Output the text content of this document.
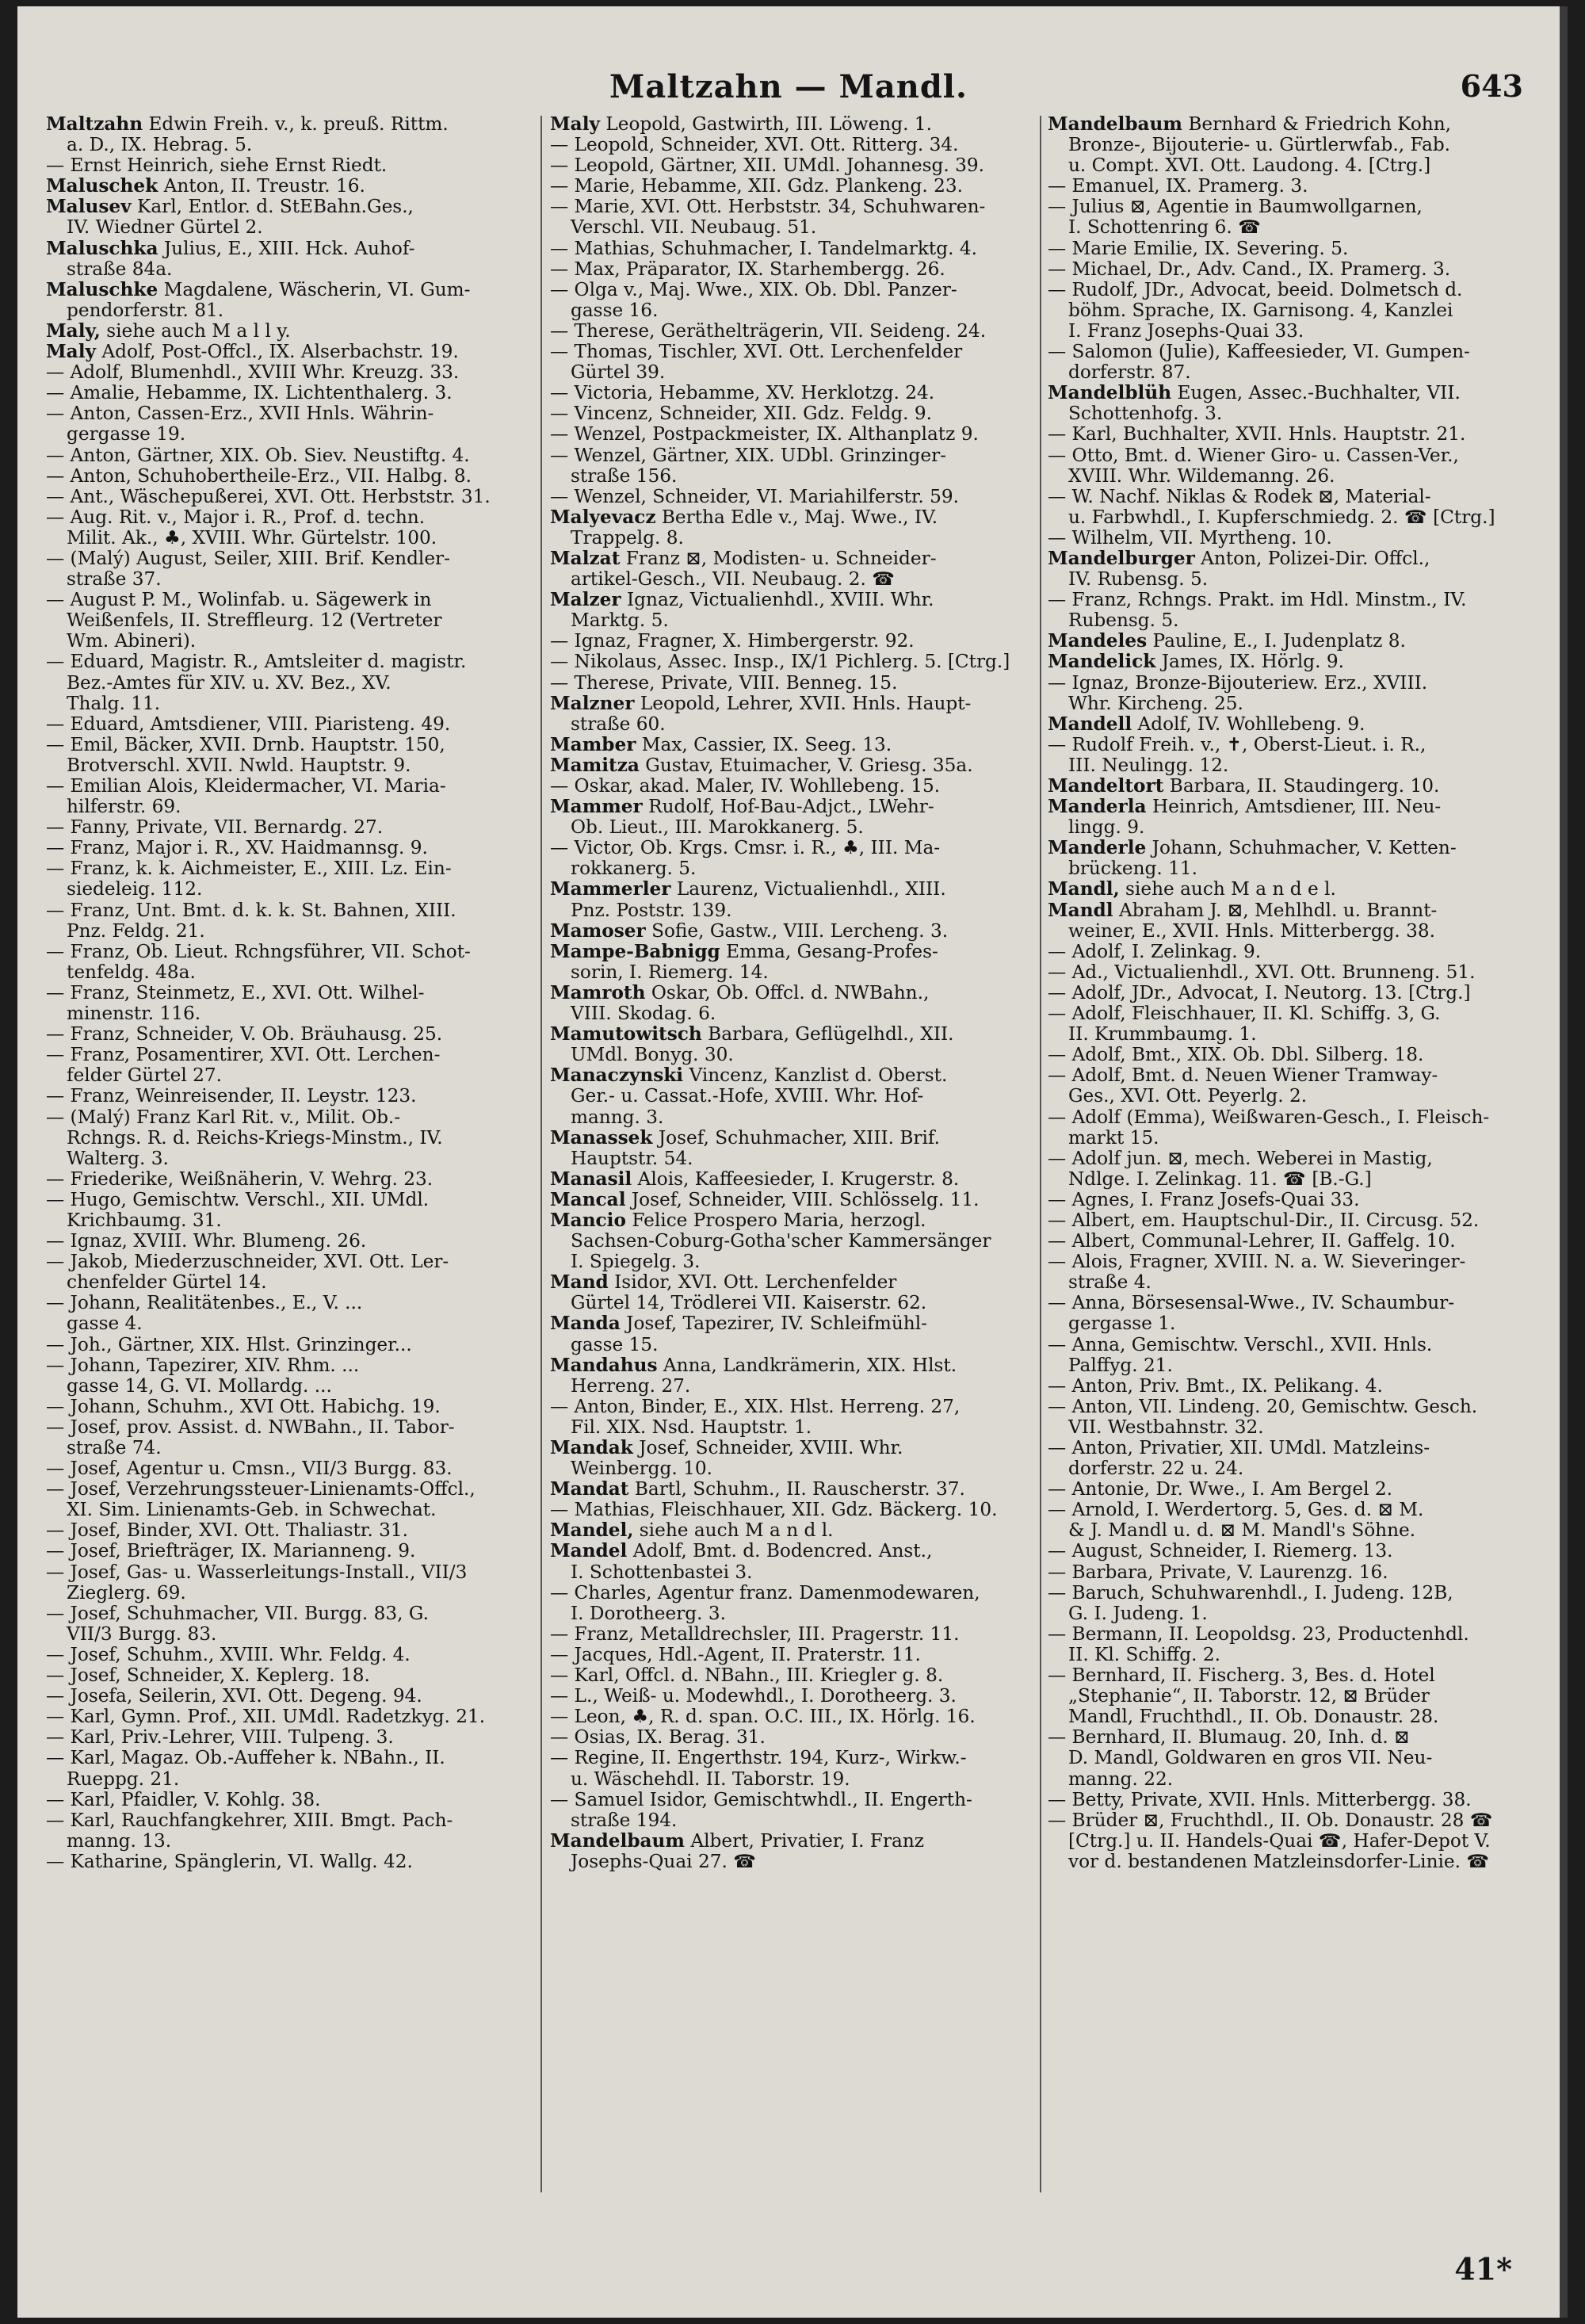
Maltzahn — Mandl.	643
Maltzahn Edwin Freih. v., k. preuß. Rittm.
a. D., IX. Hebrag. 5.
— Ernst Heinrich, siehe Ernst Riedt.
Maluschek Anton, II. Treustr. 16.
Malusev Karl, Entlor. d. StEBahn.Ges.,
IV. Wiedner Gürtel 2.
Maluschka Julius, E., XIII. Hck. Auhof-
straße 84a.
Maluschke Magdalene, Wäscherin, VI. Gum-
pendorferstr. 81.
Maly, siehe auch M a l l y.
Maly Adolf, Post-Offcl., IX. Alserbachstr. 19.
— Adolf, Blumenhdl., XVIII Whr. Kreuzg. 33.
— Amalie, Hebamme, IX. Lichtenthalerg. 3.
— Anton, Cassen-Erz., XVII Hnls. Währin-
gergasse 19.
— Anton, Gärtner, XIX. Ob. Siev. Neustiftg. 4.
— Anton, Schuhobertheile-Erz., VII. Halbg. 8.
— Ant., Wäschepußerei, XVI. Ott. Herbststr. 31.
— Aug. Rit. v., Major i. R., Prof. d. techn.
Milit. Ak., ♣, XVIII. Whr. Gürtelstr. 100.
— (Malý) August, Seiler, XIII. Brif. Kendler-
straße 37.
— August P. M., Wolinfab. u. Sägewerk in
Weißenfels, II. Streffleurg. 12 (Vertreter
Wm. Abineri).
— Eduard, Magistr. R., Amtsleiter d. magistr.
Bez.-Amtes für XIV. u. XV. Bez., XV.
Thalg. 11.
— Eduard, Amtsdiener, VIII. Piaristeng. 49.
— Emil, Bäcker, XVII. Drnb. Hauptstr. 150,
Brotverschl. XVII. Nwld. Hauptstr. 9.
— Emilian Alois, Kleidermacher, VI. Maria-
hilferstr. 69.
— Fanny, Private, VII. Bernardg. 27.
— Franz, Major i. R., XV. Haidmannsg. 9.
— Franz, k. k. Aichmeister, E., XIII. Lz. Ein-
siedeleig. 112.
— Franz, Unt. Bmt. d. k. k. St. Bahnen, XIII.
Pnz. Feldg. 21.
— Franz, Ob. Lieut. Rchngsführer, VII. Schot-
tenfeldg. 48a.
— Franz, Steinmetz, E., XVI. Ott. Wilhel-
minenstr. 116.
— Franz, Schneider, V. Ob. Bräuhausg. 25.
— Franz, Posamentirer, XVI. Ott. Lerchen-
felder Gürtel 27.
— Franz, Weinreisender, II. Leystr. 123.
— (Malý) Franz Karl Rit. v., Milit. Ob.-
Rchngs. R. d. Reichs-Kriegs-Minstm., IV.
Walterg. 3.
— Friederike, Weißnäherin, V. Wehrg. 23.
— Hugo, Gemischtw. Verschl., XII. UMdl.
Krichbaumg. 31.
— Ignaz, XVIII. Whr. Blumeng. 26.
— Jakob, Miederzuschneider, XVI. Ott. Ler-
chenfelder Gürtel 14.
— Johann, Realitätenbes., E., V. ...
gasse 4.
— Joh., Gärtner, XIX. Hlst. Grinzinger...
— Johann, Tapezirer, XIV. Rhm. ...
gasse 14, G. VI. Mollardg. ...
— Johann, Schuhm., XVI Ott. Habichg. 19.
— Josef, prov. Assist. d. NWBahn., II. Tabor-
straße 74.
— Josef, Agentur u. Cmsn., VII/3 Burgg. 83.
— Josef, Verzehrungssteuer-Linienamts-Offcl.,
XI. Sim. Linienamts-Geb. in Schwechat.
— Josef, Binder, XVI. Ott. Thaliastr. 31.
— Josef, Briefträger, IX. Marianneng. 9.
— Josef, Gas- u. Wasserleitungs-Install., VII/3
Zieglerg. 69.
— Josef, Schuhmacher, VII. Burgg. 83, G.
VII/3 Burgg. 83.
— Josef, Schuhm., XVIII. Whr. Feldg. 4.
— Josef, Schneider, X. Keplerg. 18.
— Josefa, Seilerin, XVI. Ott. Degeng. 94.
— Karl, Gymn. Prof., XII. UMdl. Radetzkyg. 21.
— Karl, Priv.-Lehrer, VIII. Tulpeng. 3.
— Karl, Magaz. Ob.-Auffeher k. NBahn., II.
Rueppg. 21.
— Karl, Pfaidler, V. Kohlg. 38.
— Karl, Rauchfangkehrer, XIII. Bmgt. Pach-
manng. 13.
— Katharine, Spänglerin, VI. Wallg. 42.
Maly Leopold, Gastwirth, III. Löweng. 1.
— Leopold, Schneider, XVI. Ott. Ritterg. 34.
— Leopold, Gärtner, XII. UMdl. Johannesg. 39.
— Marie, Hebamme, XII. Gdz. Plankeng. 23.
— Marie, XVI. Ott. Herbststr. 34, Schuhwaren-
Verschl. VII. Neubaug. 51.
— Mathias, Schuhmacher, I. Tandelmarktg. 4.
— Max, Präparator, IX. Starhembergg. 26.
— Olga v., Maj. Wwe., XIX. Ob. Dbl. Panzer-
gasse 16.
— Therese, Geräthelträgerin, VII. Seideng. 24.
— Thomas, Tischler, XVI. Ott. Lerchenfelder
Gürtel 39.
— Victoria, Hebamme, XV. Herklotzg. 24.
— Vincenz, Schneider, XII. Gdz. Feldg. 9.
— Wenzel, Postpackmeister, IX. Althanplatz 9.
— Wenzel, Gärtner, XIX. UDbl. Grinzinger-
straße 156.
— Wenzel, Schneider, VI. Mariahilferstr. 59.
Malyevacz Bertha Edle v., Maj. Wwe., IV.
Trappelg. 8.
Malzat Franz ⊠, Modisten- u. Schneider-
artikel-Gesch., VII. Neubaug. 2. ☎
Malzer Ignaz, Victualienhdl., XVIII. Whr.
Marktg. 5.
— Ignaz, Fragner, X. Himbergerstr. 92.
— Nikolaus, Assec. Insp., IX/1 Pichlerg. 5. [Ctrg.]
— Therese, Private, VIII. Benneg. 15.
Malzner Leopold, Lehrer, XVII. Hnls. Haupt-
straße 60.
Mamber Max, Cassier, IX. Seeg. 13.
Mamitza Gustav, Etuimacher, V. Griesg. 35a.
— Oskar, akad. Maler, IV. Wohllebeng. 15.
Mammer Rudolf, Hof-Bau-Adjct., LWehr-
Ob. Lieut., III. Marokkanerg. 5.
— Victor, Ob. Krgs. Cmsr. i. R., ♣, III. Ma-
rokkanerg. 5.
Mammerler Laurenz, Victualienhdl., XIII.
Pnz. Poststr. 139.
Mamoser Sofie, Gastw., VIII. Lercheng. 3.
Mampe-Babnigg Emma, Gesang-Profes-
sorin, I. Riemerg. 14.
Mamroth Oskar, Ob. Offcl. d. NWBahn.,
VIII. Skodag. 6.
Mamutowitsch Barbara, Geflügelhdl., XII.
UMdl. Bonyg. 30.
Manaczynski Vincenz, Kanzlist d. Oberst.
Ger.- u. Cassat.-Hofe, XVIII. Whr. Hof-
manng. 3.
Manassek Josef, Schuhmacher, XIII. Brif.
Hauptstr. 54.
Manasil Alois, Kaffeesieder, I. Krugerstr. 8.
Mancal Josef, Schneider, VIII. Schlösselg. 11.
Mancio Felice Prospero Maria, herzogl.
Sachsen-Coburg-Gotha'scher Kammersänger
I. Spiegelg. 3.
Mand Isidor, XVI. Ott. Lerchenfelder
Gürtel 14, Trödlerei VII. Kaiserstr. 62.
Manda Josef, Tapezirer, IV. Schleifmühl-
gasse 15.
Mandahus Anna, Landkrämerin, XIX. Hlst.
Herreng. 27.
— Anton, Binder, E., XIX. Hlst. Herreng. 27,
Fil. XIX. Nsd. Hauptstr. 1.
Mandak Josef, Schneider, XVIII. Whr.
Weinbergg. 10.
Mandat Bartl, Schuhm., II. Rauscherstr. 37.
— Mathias, Fleischhauer, XII. Gdz. Bäckerg. 10.
Mandel, siehe auch M a n d l.
Mandel Adolf, Bmt. d. Bodencred. Anst.,
I. Schottenbastei 3.
— Charles, Agentur franz. Damenmodewaren,
I. Dorotheerg. 3.
— Franz, Metalldrechsler, III. Pragerstr. 11.
— Jacques, Hdl.-Agent, II. Praterstr. 11.
— Karl, Offcl. d. NBahn., III. Kriegler g. 8.
— L., Weiß- u. Modewhdl., I. Dorotheerg. 3.
— Leon, ♣, R. d. span. O.C. III., IX. Hörlg. 16.
— Osias, IX. Berag. 31.
— Regine, II. Engerthstr. 194, Kurz-, Wirkw.-
u. Wäschehdl. II. Taborstr. 19.
— Samuel Isidor, Gemischtwhdl., II. Engerth-
straße 194.
Mandelbaum Albert, Privatier, I. Franz
Josephs-Quai 27. ☎
Mandelbaum Bernhard & Friedrich Kohn,
Bronze-, Bijouterie- u. Gürtlerwfab., Fab.
u. Compt. XVI. Ott. Laudong. 4. [Ctrg.]
— Emanuel, IX. Pramerg. 3.
— Julius ⊠, Agentie in Baumwollgarnen,
I. Schottenring 6. ☎
— Marie Emilie, IX. Severing. 5.
— Michael, Dr., Adv. Cand., IX. Pramerg. 3.
— Rudolf, JDr., Advocat, beeid. Dolmetsch d.
böhm. Sprache, IX. Garnisong. 4, Kanzlei
I. Franz Josephs-Quai 33.
— Salomon (Julie), Kaffeesieder, VI. Gumpen-
dorferstr. 87.
Mandelblüh Eugen, Assec.-Buchhalter, VII.
Schottenhofg. 3.
— Karl, Buchhalter, XVII. Hnls. Hauptstr. 21.
— Otto, Bmt. d. Wiener Giro- u. Cassen-Ver.,
XVIII. Whr. Wildemanng. 26.
— W. Nachf. Niklas & Rodek ⊠, Material-
u. Farbwhdl., I. Kupferschmiedg. 2. ☎ [Ctrg.]
— Wilhelm, VII. Myrtheng. 10.
Mandelburger Anton, Polizei-Dir. Offcl.,
IV. Rubensg. 5.
— Franz, Rchngs. Prakt. im Hdl. Minstm., IV.
Rubensg. 5.
Mandeles Pauline, E., I. Judenplatz 8.
Mandelick James, IX. Hörlg. 9.
— Ignaz, Bronze-Bijouteriew. Erz., XVIII.
Whr. Kircheng. 25.
Mandell Adolf, IV. Wohllebeng. 9.
— Rudolf Freih. v., ✝, Oberst-Lieut. i. R.,
III. Neulingg. 12.
Mandeltort Barbara, II. Staudingerg. 10.
Manderla Heinrich, Amtsdiener, III. Neu-
lingg. 9.
Manderle Johann, Schuhmacher, V. Ketten-
brückeng. 11.
Mandl, siehe auch M a n d e l.
Mandl Abraham J. ⊠, Mehlhdl. u. Brannt-
weiner, E., XVII. Hnls. Mitterbergg. 38.
— Adolf, I. Zelinkag. 9.
— Ad., Victualienhdl., XVI. Ott. Brunneng. 51.
— Adolf, JDr., Advocat, I. Neutorg. 13. [Ctrg.]
— Adolf, Fleischhauer, II. Kl. Schiffg. 3, G.
II. Krummbaumg. 1.
— Adolf, Bmt., XIX. Ob. Dbl. Silberg. 18.
— Adolf, Bmt. d. Neuen Wiener Tramway-
Ges., XVI. Ott. Peyerlg. 2.
— Adolf (Emma), Weißwaren-Gesch., I. Fleisch-
markt 15.
— Adolf jun. ⊠, mech. Weberei in Mastig,
Ndlge. I. Zelinkag. 11. ☎ [B.-G.]
— Agnes, I. Franz Josefs-Quai 33.
— Albert, em. Hauptschul-Dir., II. Circusg. 52.
— Albert, Communal-Lehrer, II. Gaffelg. 10.
— Alois, Fragner, XVIII. N. a. W. Sieveringer-
straße 4.
— Anna, Börsesensal-Wwe., IV. Schaumbur-
gergasse 1.
— Anna, Gemischtw. Verschl., XVII. Hnls.
Palffyg. 21.
— Anton, Priv. Bmt., IX. Pelikang. 4.
— Anton, VII. Lindeng. 20, Gemischtw. Gesch.
VII. Westbahnstr. 32.
— Anton, Privatier, XII. UMdl. Matzleins-
dorferstr. 22 u. 24.
— Antonie, Dr. Wwe., I. Am Bergel 2.
— Arnold, I. Werdertorg. 5, Ges. d. ⊠ M.
& J. Mandl u. d. ⊠ M. Mandl's Söhne.
— August, Schneider, I. Riemerg. 13.
— Barbara, Private, V. Laurenzg. 16.
— Baruch, Schuhwarenhdl., I. Judeng. 12B,
G. I. Judeng. 1.
— Bermann, II. Leopoldsg. 23, Productenhdl.
II. Kl. Schiffg. 2.
— Bernhard, II. Fischerg. 3, Bes. d. Hotel
„Stephanie“, II. Taborstr. 12, ⊠ Brüder
Mandl, Fruchthdl., II. Ob. Donaustr. 28.
— Bernhard, II. Blumaug. 20, Inh. d. ⊠
D. Mandl, Goldwaren en gros VII. Neu-
manng. 22.
— Betty, Private, XVII. Hnls. Mitterbergg. 38.
— Brüder ⊠, Fruchthdl., II. Ob. Donaustr. 28 ☎
[Ctrg.] u. II. Handels-Quai ☎, Hafer-Depot V.
vor d. bestandenen Matzleinsdorfer-Linie. ☎
41*
